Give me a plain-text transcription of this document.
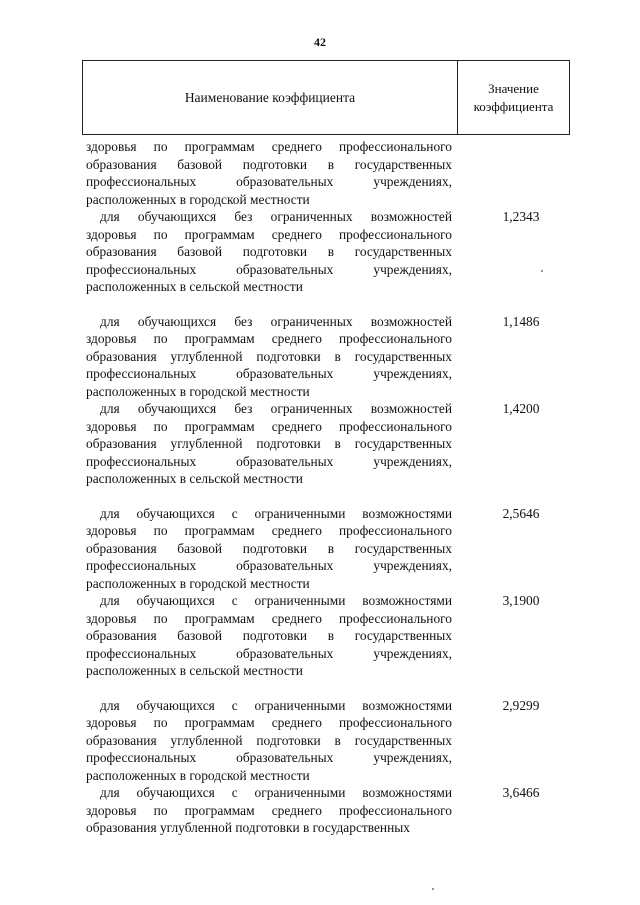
42
Наименование коэффициента
Значение
коэффициента
здоровья по программам среднего профессионального
образования базовой подготовки в государственных профессиональных образовательных учреждениях, расположенных в городской местности
для обучающихся без ограниченных возможностей
здоровья по программам среднего профессионального образования базовой подготовки в государственных профессиональных образовательных учреждениях, расположенных в сельской местности
1,2343
для обучающихся без ограниченных возможностей
здоровья по программам среднего профессионального образования углубленной подготовки в государственных профессиональных образовательных учреждениях, расположенных в городской местности
1,1486
для обучающихся без ограниченных возможностей
здоровья по программам среднего профессионального образования углубленной подготовки в государственных профессиональных образовательных учреждениях, расположенных в сельской местности
1,4200
для обучающихся с ограниченными возможностями
здоровья по программам среднего профессионального образования базовой подготовки в государственных профессиональных образовательных учреждениях, расположенных в городской местности
2,5646
для обучающихся с ограниченными возможностями
здоровья по программам среднего профессионального образования базовой подготовки в государственных профессиональных образовательных учреждениях, расположенных в сельской местности
3,1900
для обучающихся с ограниченными возможностями
здоровья по программам среднего профессионального образования углубленной подготовки в государственных профессиональных образовательных учреждениях, расположенных в городской местности
2,9299
для обучающихся с ограниченными возможностями
здоровья по программам среднего профессионального образования углубленной подготовки в государственных
3,6466
